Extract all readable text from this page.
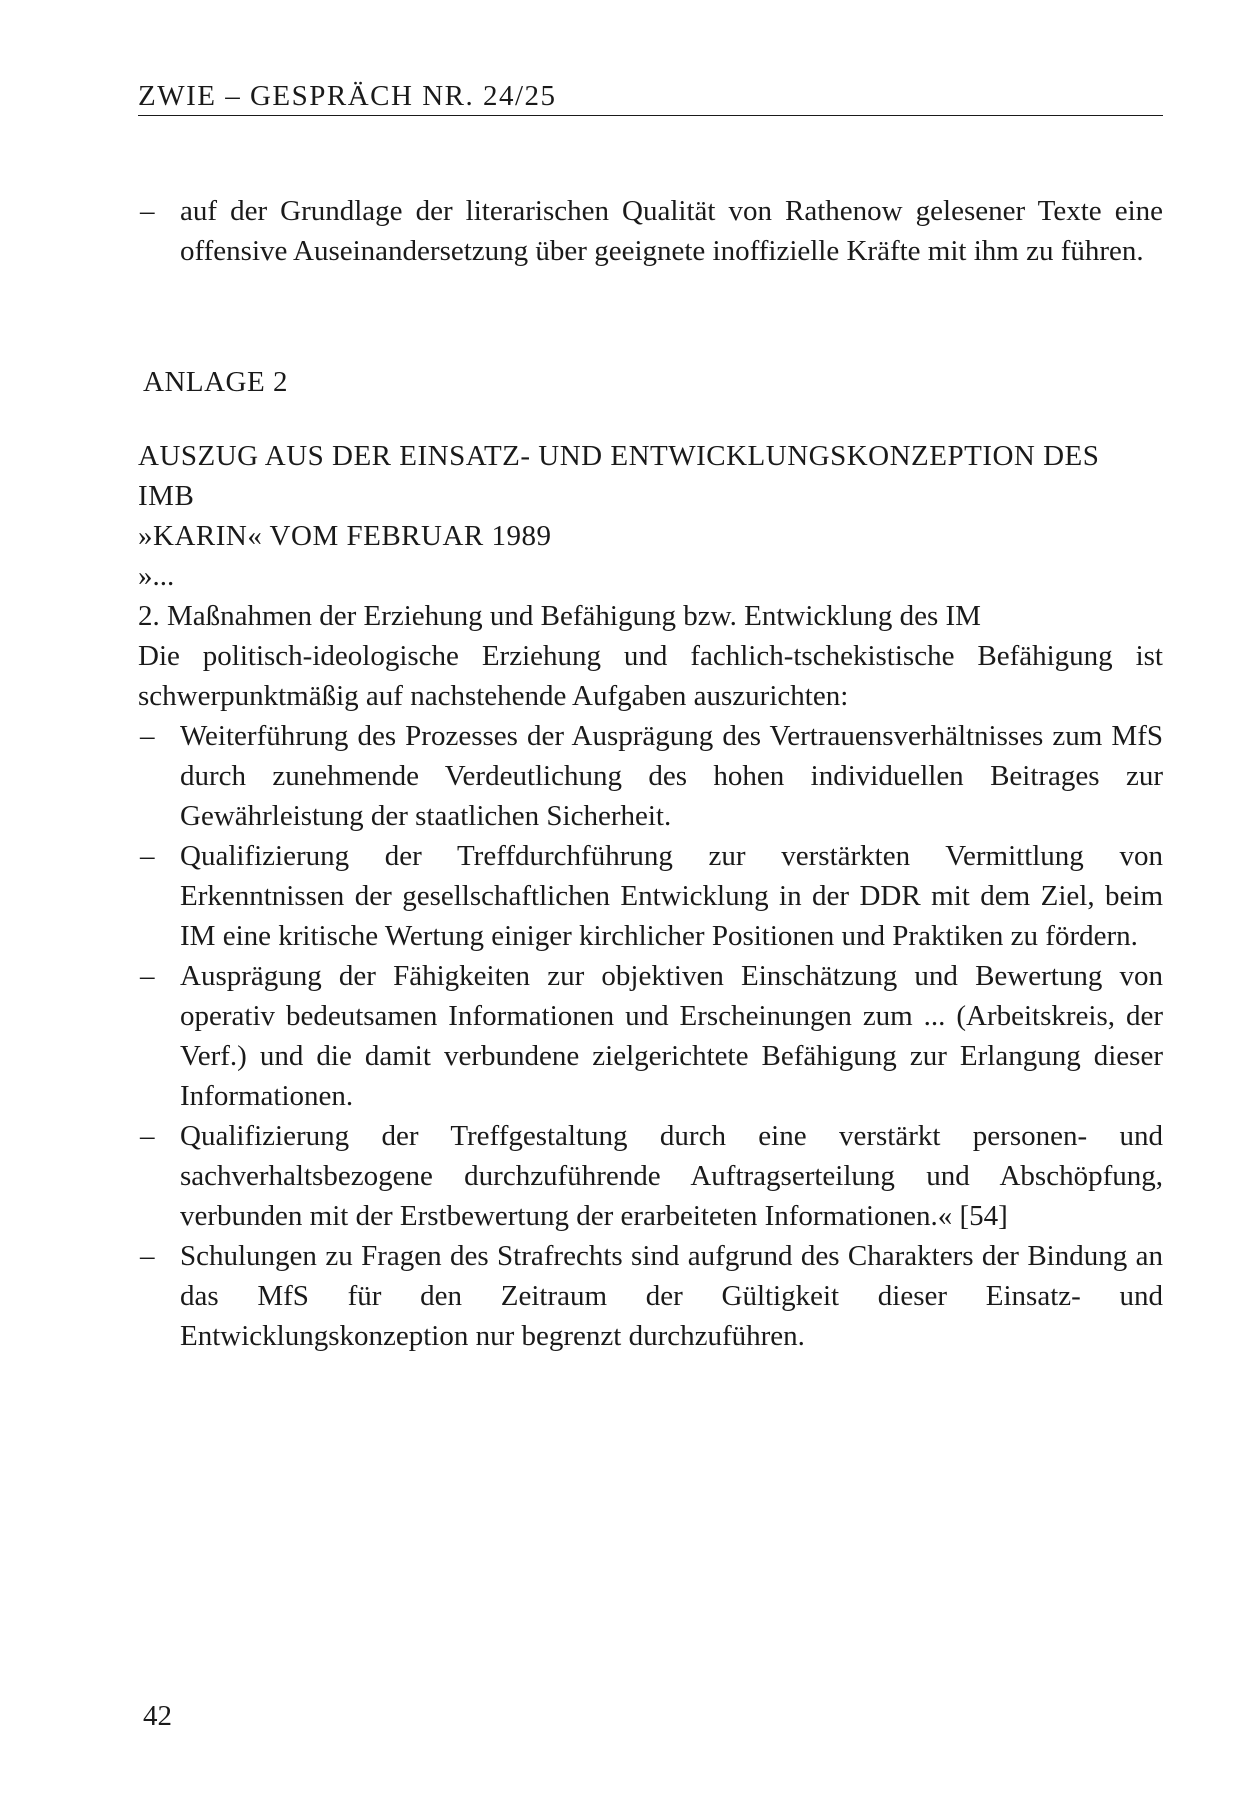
ZWIE – GESPRÄCH NR. 24/25

– auf der Grundlage der literarischen Qualität von Rathenow gelesener Texte eine offensive Auseinandersetzung über geeignete inoffizielle Kräfte mit ihm zu führen.

ANLAGE 2

AUSZUG AUS DER EINSATZ- UND ENTWICKLUNGSKONZEPTION DES IMB

»KARIN« VOM FEBRUAR 1989

»...

2. Maßnahmen der Erziehung und Befähigung bzw. Entwicklung des IM

Die politisch-ideologische Erziehung und fachlich-tschekistische Befähigung ist schwerpunktmäßig auf nachstehende Aufgaben auszurichten:

– Weiterführung des Prozesses der Ausprägung des Vertrauensverhältnisses zum MfS durch zunehmende Verdeutlichung des hohen individuellen Beitrages zur Gewährleistung der staatlichen Sicherheit.

– Qualifizierung der Treffdurchführung zur verstärkten Vermittlung von Erkenntnissen der gesellschaftlichen Entwicklung in der DDR mit dem Ziel, beim IM eine kritische Wertung einiger kirchlicher Positionen und Praktiken zu fördern.

– Ausprägung der Fähigkeiten zur objektiven Einschätzung und Bewertung von operativ bedeutsamen Informationen und Erscheinungen zum ... (Arbeitskreis, der Verf.) und die damit verbundene zielgerichtete Befähigung zur Erlangung dieser Informationen.

– Qualifizierung der Treffgestaltung durch eine verstärkt personen- und sachverhaltsbezogene durchzuführende Auftragserteilung und Abschöpfung, verbunden mit der Erstbewertung der erarbeiteten Informationen.« [54]

– Schulungen zu Fragen des Strafrechts sind aufgrund des Charakters der Bindung an das MfS für den Zeitraum der Gültigkeit dieser Einsatz- und Entwicklungskonzeption nur begrenzt durchzuführen.

42
